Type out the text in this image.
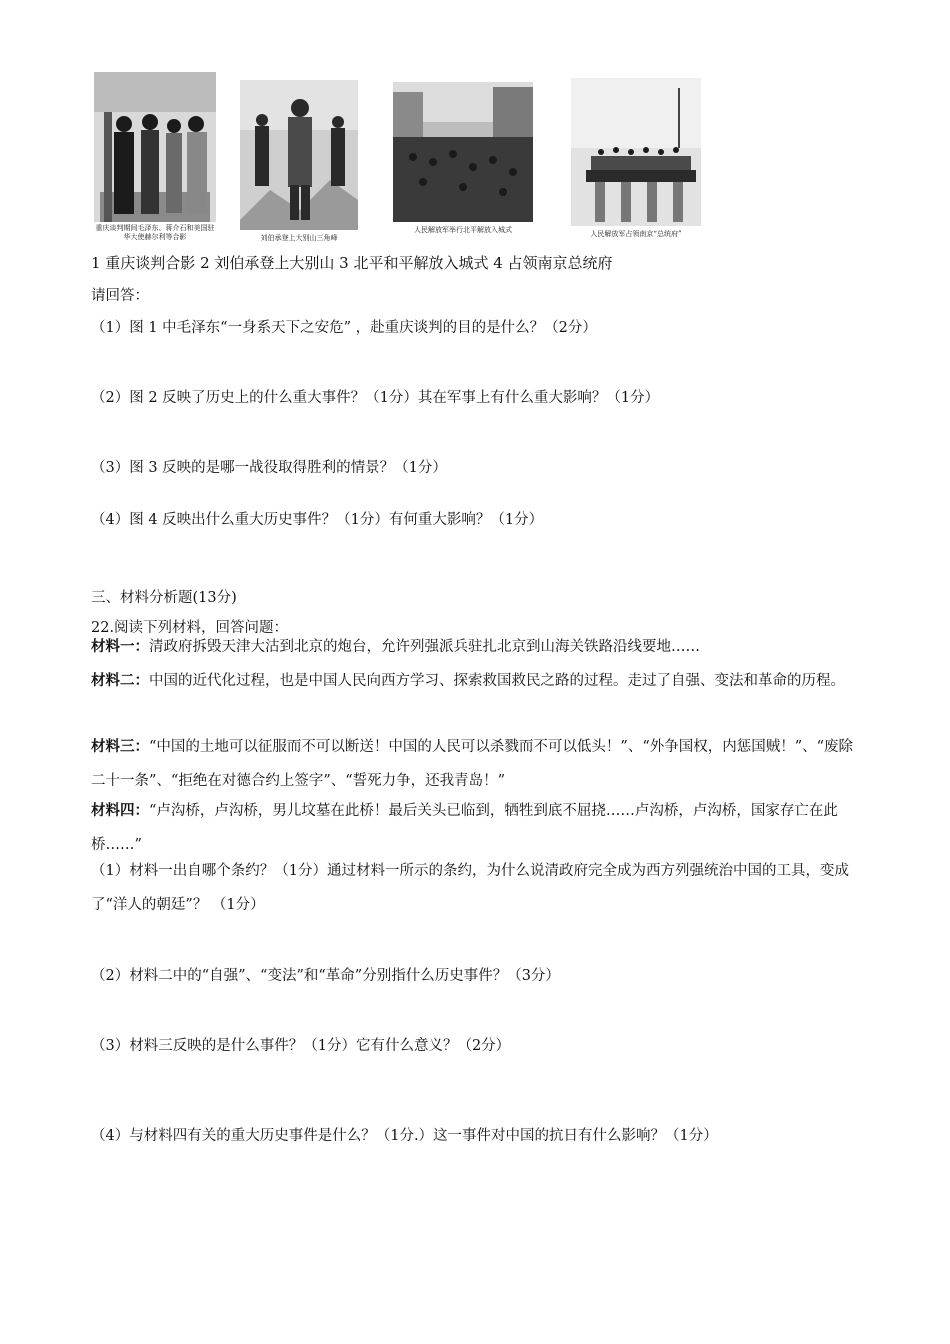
重庆谈判期间毛泽东、蒋介石和美国驻华大使赫尔利等合影	刘伯承登上大别山三角峰
人民解放军举行北平解放入城式	人民解放军占领南京“总统府”
1 重庆谈判合影 2 刘伯承登上大别山 3 北平和平解放入城式 4 占领南京总统府
请回答：
（1）图 1 中毛泽东“一身系天下之安危” ，赴重庆谈判的目的是什么？（2分）
（2）图 2 反映了历史上的什么重大事件？（1分）其在军事上有什么重大影响？（1分）
（3）图 3 反映的是哪一战役取得胜利的情景？（1分）
（4）图 4 反映出什么重大历史事件？（1分）有何重大影响？（1分）
三、材料分析题(13分)
22.阅读下列材料，回答问题：
材料一：清政府拆毁天津大沽到北京的炮台，允许列强派兵驻扎北京到山海关铁路沿线要地……
材料二：中国的近代化过程，也是中国人民向西方学习、探索救国救民之路的过程。走过了自强、变法和革命的历程。
材料三：“中国的土地可以征服而不可以断送！中国的人民可以杀戮而不可以低头！”、“外争国权，内惩国贼！”、“废除二十一条”、“拒绝在对德合约上签字”、“誓死力争，还我青岛！”
材料四：“卢沟桥，卢沟桥，男儿坟墓在此桥！最后关头已临到，牺牲到底不屈挠……卢沟桥，卢沟桥，国家存亡在此桥……”
（1）材料一出自哪个条约？（1分）通过材料一所示的条约，为什么说清政府完全成为西方列强统治中国的工具，变成了“洋人的朝廷”？ （1分）
（2）材料二中的“自强”、“变法”和“革命”分别指什么历史事件？（3分）
（3）材料三反映的是什么事件？（1分）它有什么意义？（2分）
（4）与材料四有关的重大历史事件是什么？（1分.）这一事件对中国的抗日有什么影响？（1分）
